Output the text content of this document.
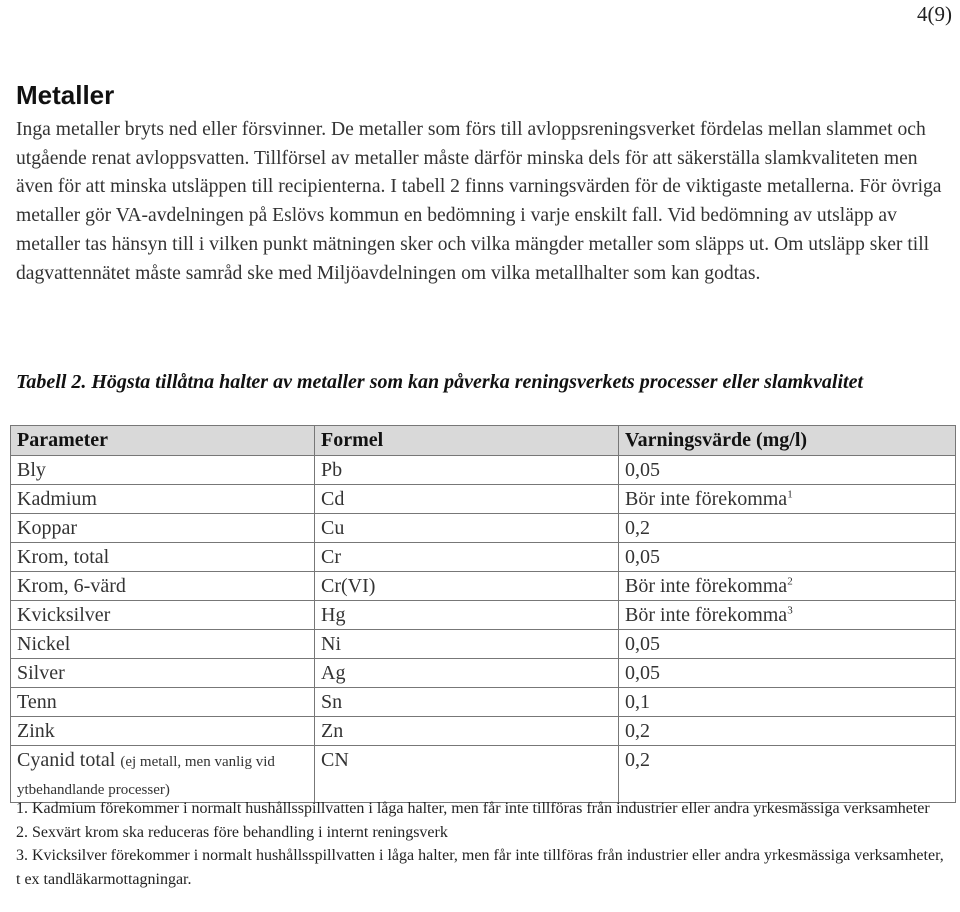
4(9)
Metaller

Inga metaller bryts ned eller försvinner. De metaller som förs till avloppsreningsverket fördelas mellan slammet och utgående renat avloppsvatten. Tillförsel av metaller måste därför minska dels för att säkerställa slamkvaliteten men även för att minska utsläppen till recipienterna. I tabell 2 finns varningsvärden för de viktigaste metallerna. För övriga metaller gör VA-avdelningen på Eslövs kommun en bedömning i varje enskilt fall. Vid bedömning av utsläpp av metaller tas hänsyn till i vilken punkt mätningen sker och vilka mängder metaller som släpps ut. Om utsläpp sker till dagvattennätet måste samråd ske med Miljöavdelningen om vilka metallhalter som kan godtas.

Tabell 2. Högsta tillåtna halter av metaller som kan påverka reningsverkets processer eller slamkvalitet

Parameter	Formel	Varningsvärde (mg/l)
Bly	Pb	0,05
Kadmium	Cd	Bör inte förekomma$^1$
Koppar	Cu	0,2
Krom, total	Cr	0,05
Krom, 6-värd	Cr(VI)	Bör inte förekomma$^2$
Kvicksilver	Hg	Bör inte förekomma$^3$
Nickel	Ni	0,05
Silver	Ag	0,05
Tenn	Sn	0,1
Zink	Zn	0,2
Cyanid total (ej metall, men vanlig vid ytbehandlande processer)	CN	0,2

1. Kadmium förekommer i normalt hushållsspillvatten i låga halter, men får inte tillföras från industrier eller andra yrkesmässiga verksamheter

2. Sexvärt krom ska reduceras före behandling i internt reningsverk

3. Kvicksilver förekommer i normalt hushållsspillvatten i låga halter, men får inte tillföras från industrier eller andra yrkesmässiga verksamheter, t ex tandläkarmottagningar.
